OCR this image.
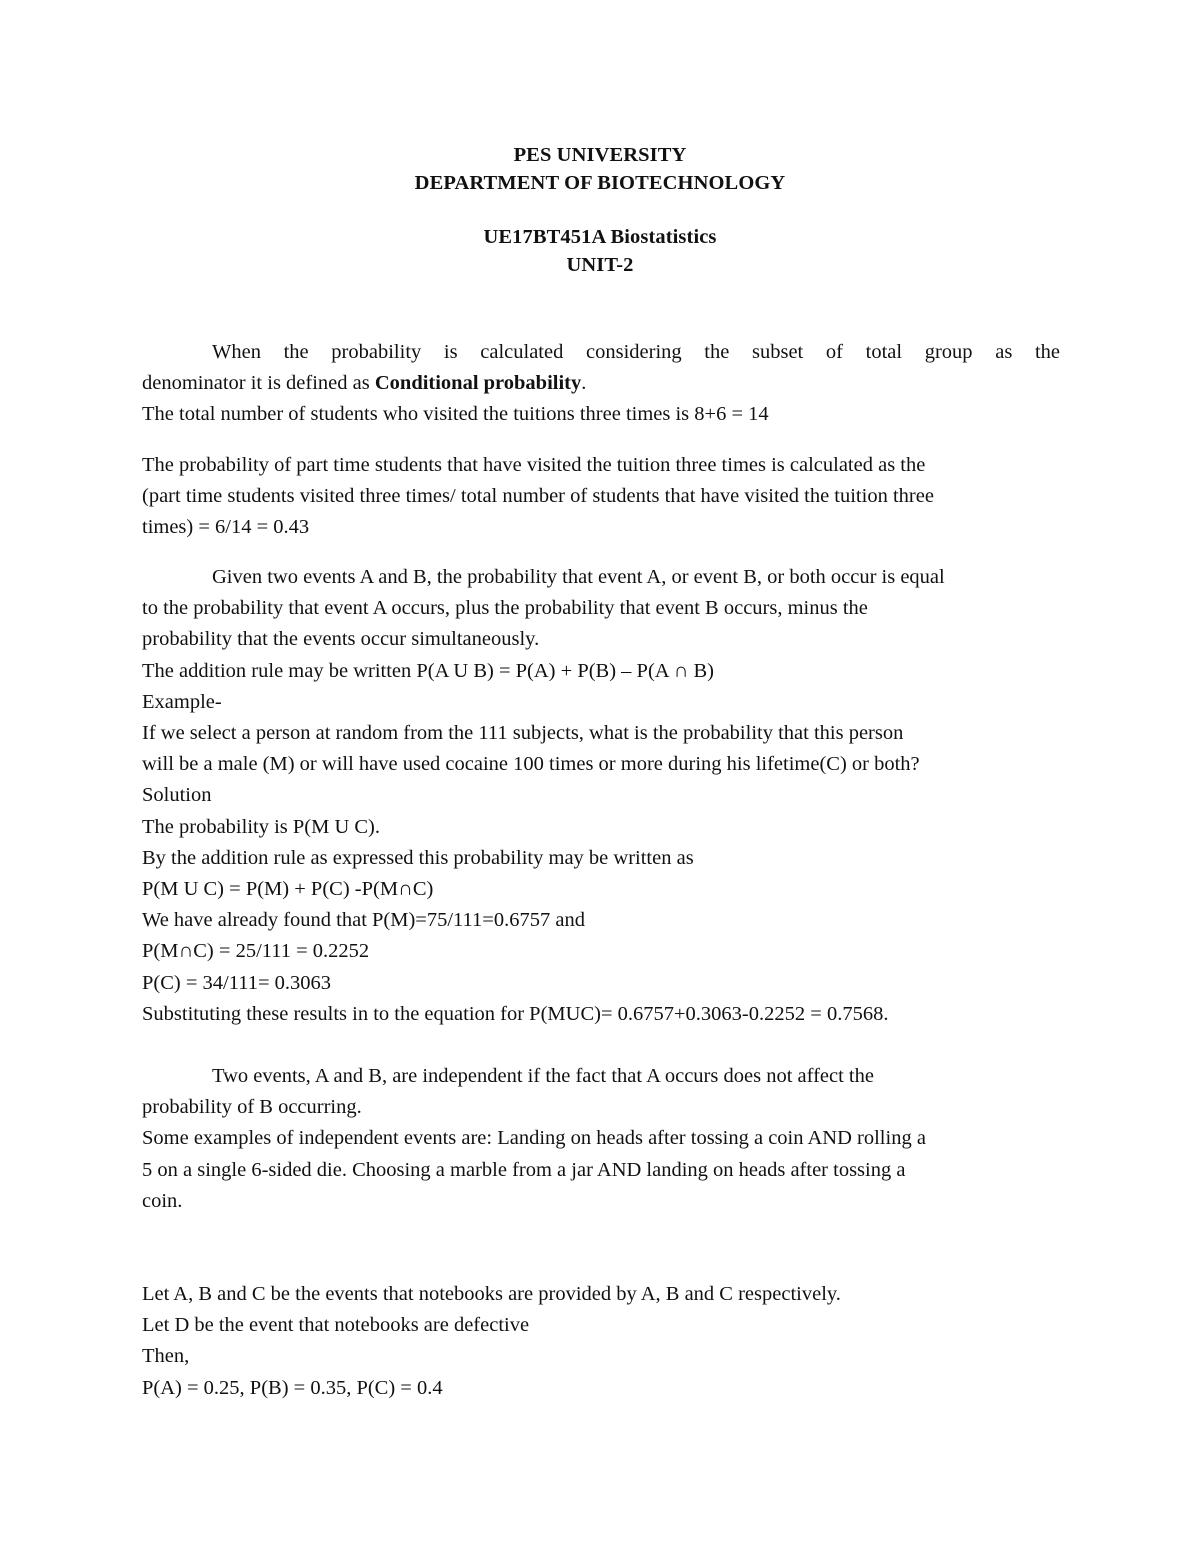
PES UNIVERSITY
DEPARTMENT OF BIOTECHNOLOGY
UE17BT451A Biostatistics
UNIT-2
When the probability is calculated considering the subset of total group as the
denominator it is defined as Conditional probability.
The total number of students who visited the tuitions three times is 8+6 = 14
The probability of part time students that have visited the tuition three times is calculated as the
(part time students visited three times/ total number of students that have visited the tuition three
times) = 6/14 = 0.43
Given two events A and B, the probability that event A, or event B, or both occur is equal
to the probability that event A occurs, plus the probability that event B occurs, minus the
probability that the events occur simultaneously.
The addition rule may be written P(A U B) = P(A) + P(B) – P(A ∩ B)
Example-
If we select a person at random from the 111 subjects, what is the probability that this person
will be a male (M) or will have used cocaine 100 times or more during his lifetime(C) or both?
Solution
The probability is P(M U C).
By the addition rule as expressed this probability may be written as
P(M U C) = P(M) + P(C) -P(M∩C)
We have already found that P(M)=75/111=0.6757 and
P(M∩C) = 25/111 = 0.2252
P(C) = 34/111= 0.3063
Substituting these results in to the equation for P(MUC)= 0.6757+0.3063-0.2252 = 0.7568.
Two events, A and B, are independent if the fact that A occurs does not affect the
probability of B occurring.
Some examples of independent events are: Landing on heads after tossing a coin AND rolling a
5 on a single 6-sided die. Choosing a marble from a jar AND landing on heads after tossing a
coin.
Let A, B and C be the events that notebooks are provided by A, B and C respectively.
Let D be the event that notebooks are defective
Then,
P(A) = 0.25, P(B) = 0.35, P(C) = 0.4
